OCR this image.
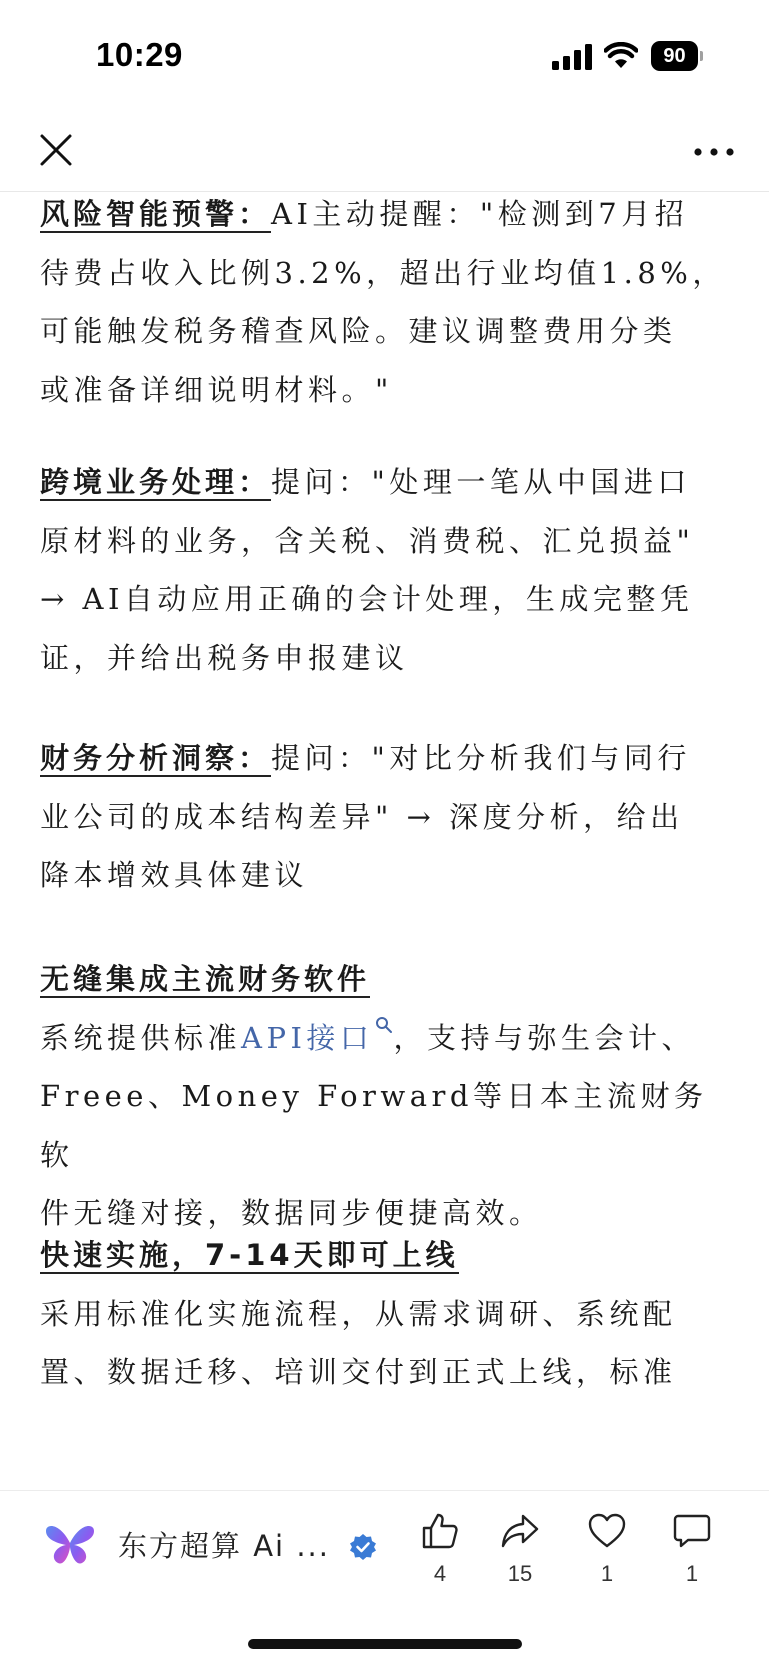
10:29	90
风险智能预警：AI主动提醒："检测到7月招
待费占收入比例3.2%，超出行业均值1.8%，
可能触发税务稽查风险。建议调整费用分类
或准备详细说明材料。"
跨境业务处理：提问："处理一笔从中国进口
原材料的业务，含关税、消费税、汇兑损益"
→ AI自动应用正确的会计处理，生成完整凭
证，并给出税务申报建议
财务分析洞察：提问："对比分析我们与同行
业公司的成本结构差异" → 深度分析，给出
降本增效具体建议
无缝集成主流财务软件
系统提供标准API接口 ，支持与弥生会计、
Freee、Money Forward等日本主流财务软
件无缝对接，数据同步便捷高效。
快速实施，7-14天即可上线
采用标准化实施流程，从需求调研、系统配
置、数据迁移、培训交付到正式上线，标准
东方超算 Ai ...
4	15	1	1
